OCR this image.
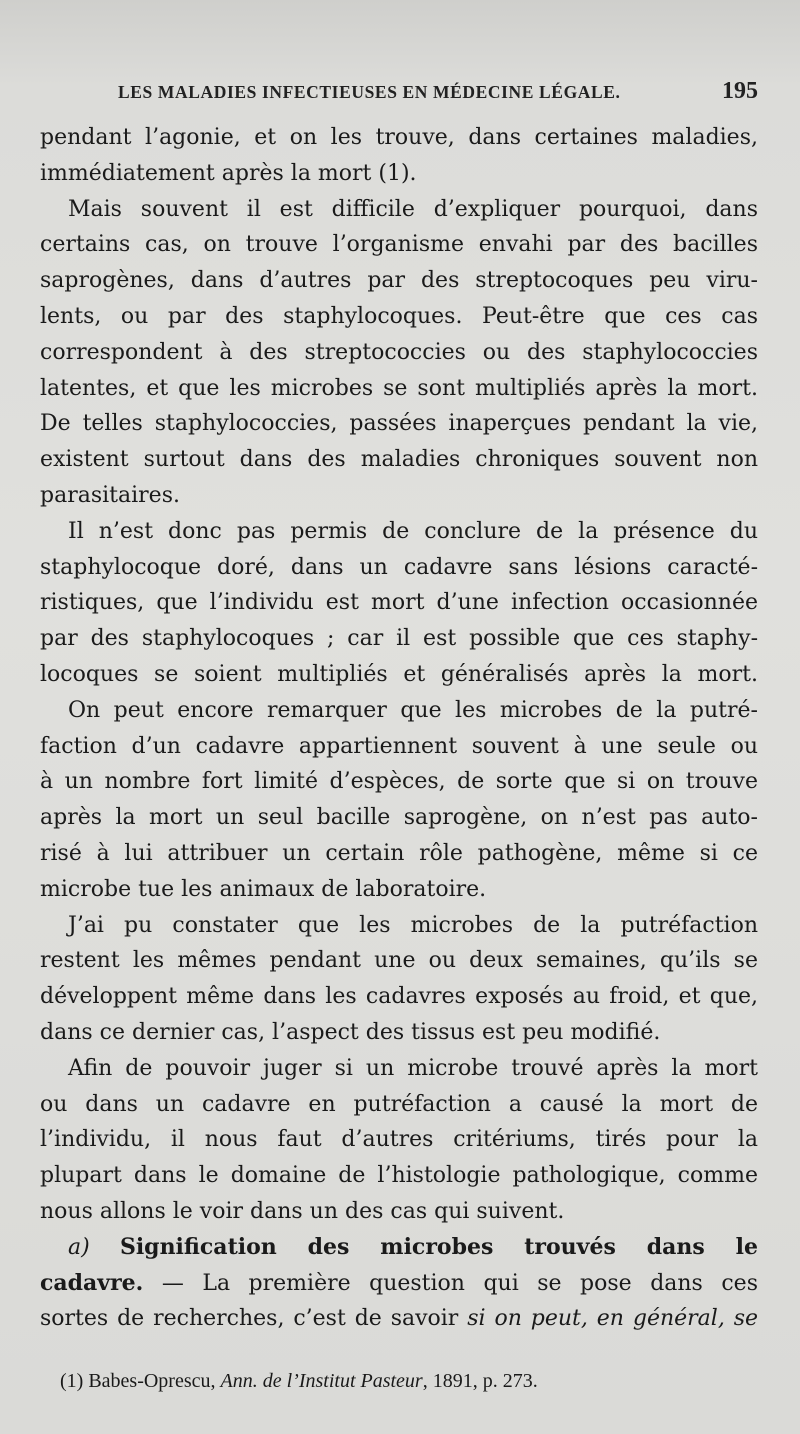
LES MALADIES INFECTIEUSES EN MÉDECINE LÉGALE.	195
pendant l’agonie, et on les trouve, dans certaines maladies,
immédiatement après la mort (1).
Mais souvent il est difficile d’expliquer pourquoi, dans
certains cas, on trouve l’organisme envahi par des bacilles
saprogènes, dans d’autres par des streptocoques peu viru-
lents, ou par des staphylocoques. Peut-être que ces cas
correspondent à des streptococcies ou des staphylococcies
latentes, et que les microbes se sont multipliés après la mort.
De telles staphylococcies, passées inaperçues pendant la vie,
existent surtout dans des maladies chroniques souvent non
parasitaires.
Il n’est donc pas permis de conclure de la présence du
staphylocoque doré, dans un cadavre sans lésions caracté-
ristiques, que l’individu est mort d’une infection occasionnée
par des staphylocoques ; car il est possible que ces staphy-
locoques se soient multipliés et généralisés après la mort.
On peut encore remarquer que les microbes de la putré-
faction d’un cadavre appartiennent souvent à une seule ou
à un nombre fort limité d’espèces, de sorte que si on trouve
après la mort un seul bacille saprogène, on n’est pas auto-
risé à lui attribuer un certain rôle pathogène, même si ce
microbe tue les animaux de laboratoire.
J’ai pu constater que les microbes de la putréfaction
restent les mêmes pendant une ou deux semaines, qu’ils se
développent même dans les cadavres exposés au froid, et que,
dans ce dernier cas, l’aspect des tissus est peu modifié.
Afin de pouvoir juger si un microbe trouvé après la mort
ou dans un cadavre en putréfaction a causé la mort de
l’individu, il nous faut d’autres critériums, tirés pour la
plupart dans le domaine de l’histologie pathologique, comme
nous allons le voir dans un des cas qui suivent.
a) Signification des microbes trouvés dans le
cadavre. — La première question qui se pose dans ces
sortes de recherches, c’est de savoir si on peut, en général, se
(1) Babes-Oprescu, Ann. de l’Institut Pasteur, 1891, p. 273.
